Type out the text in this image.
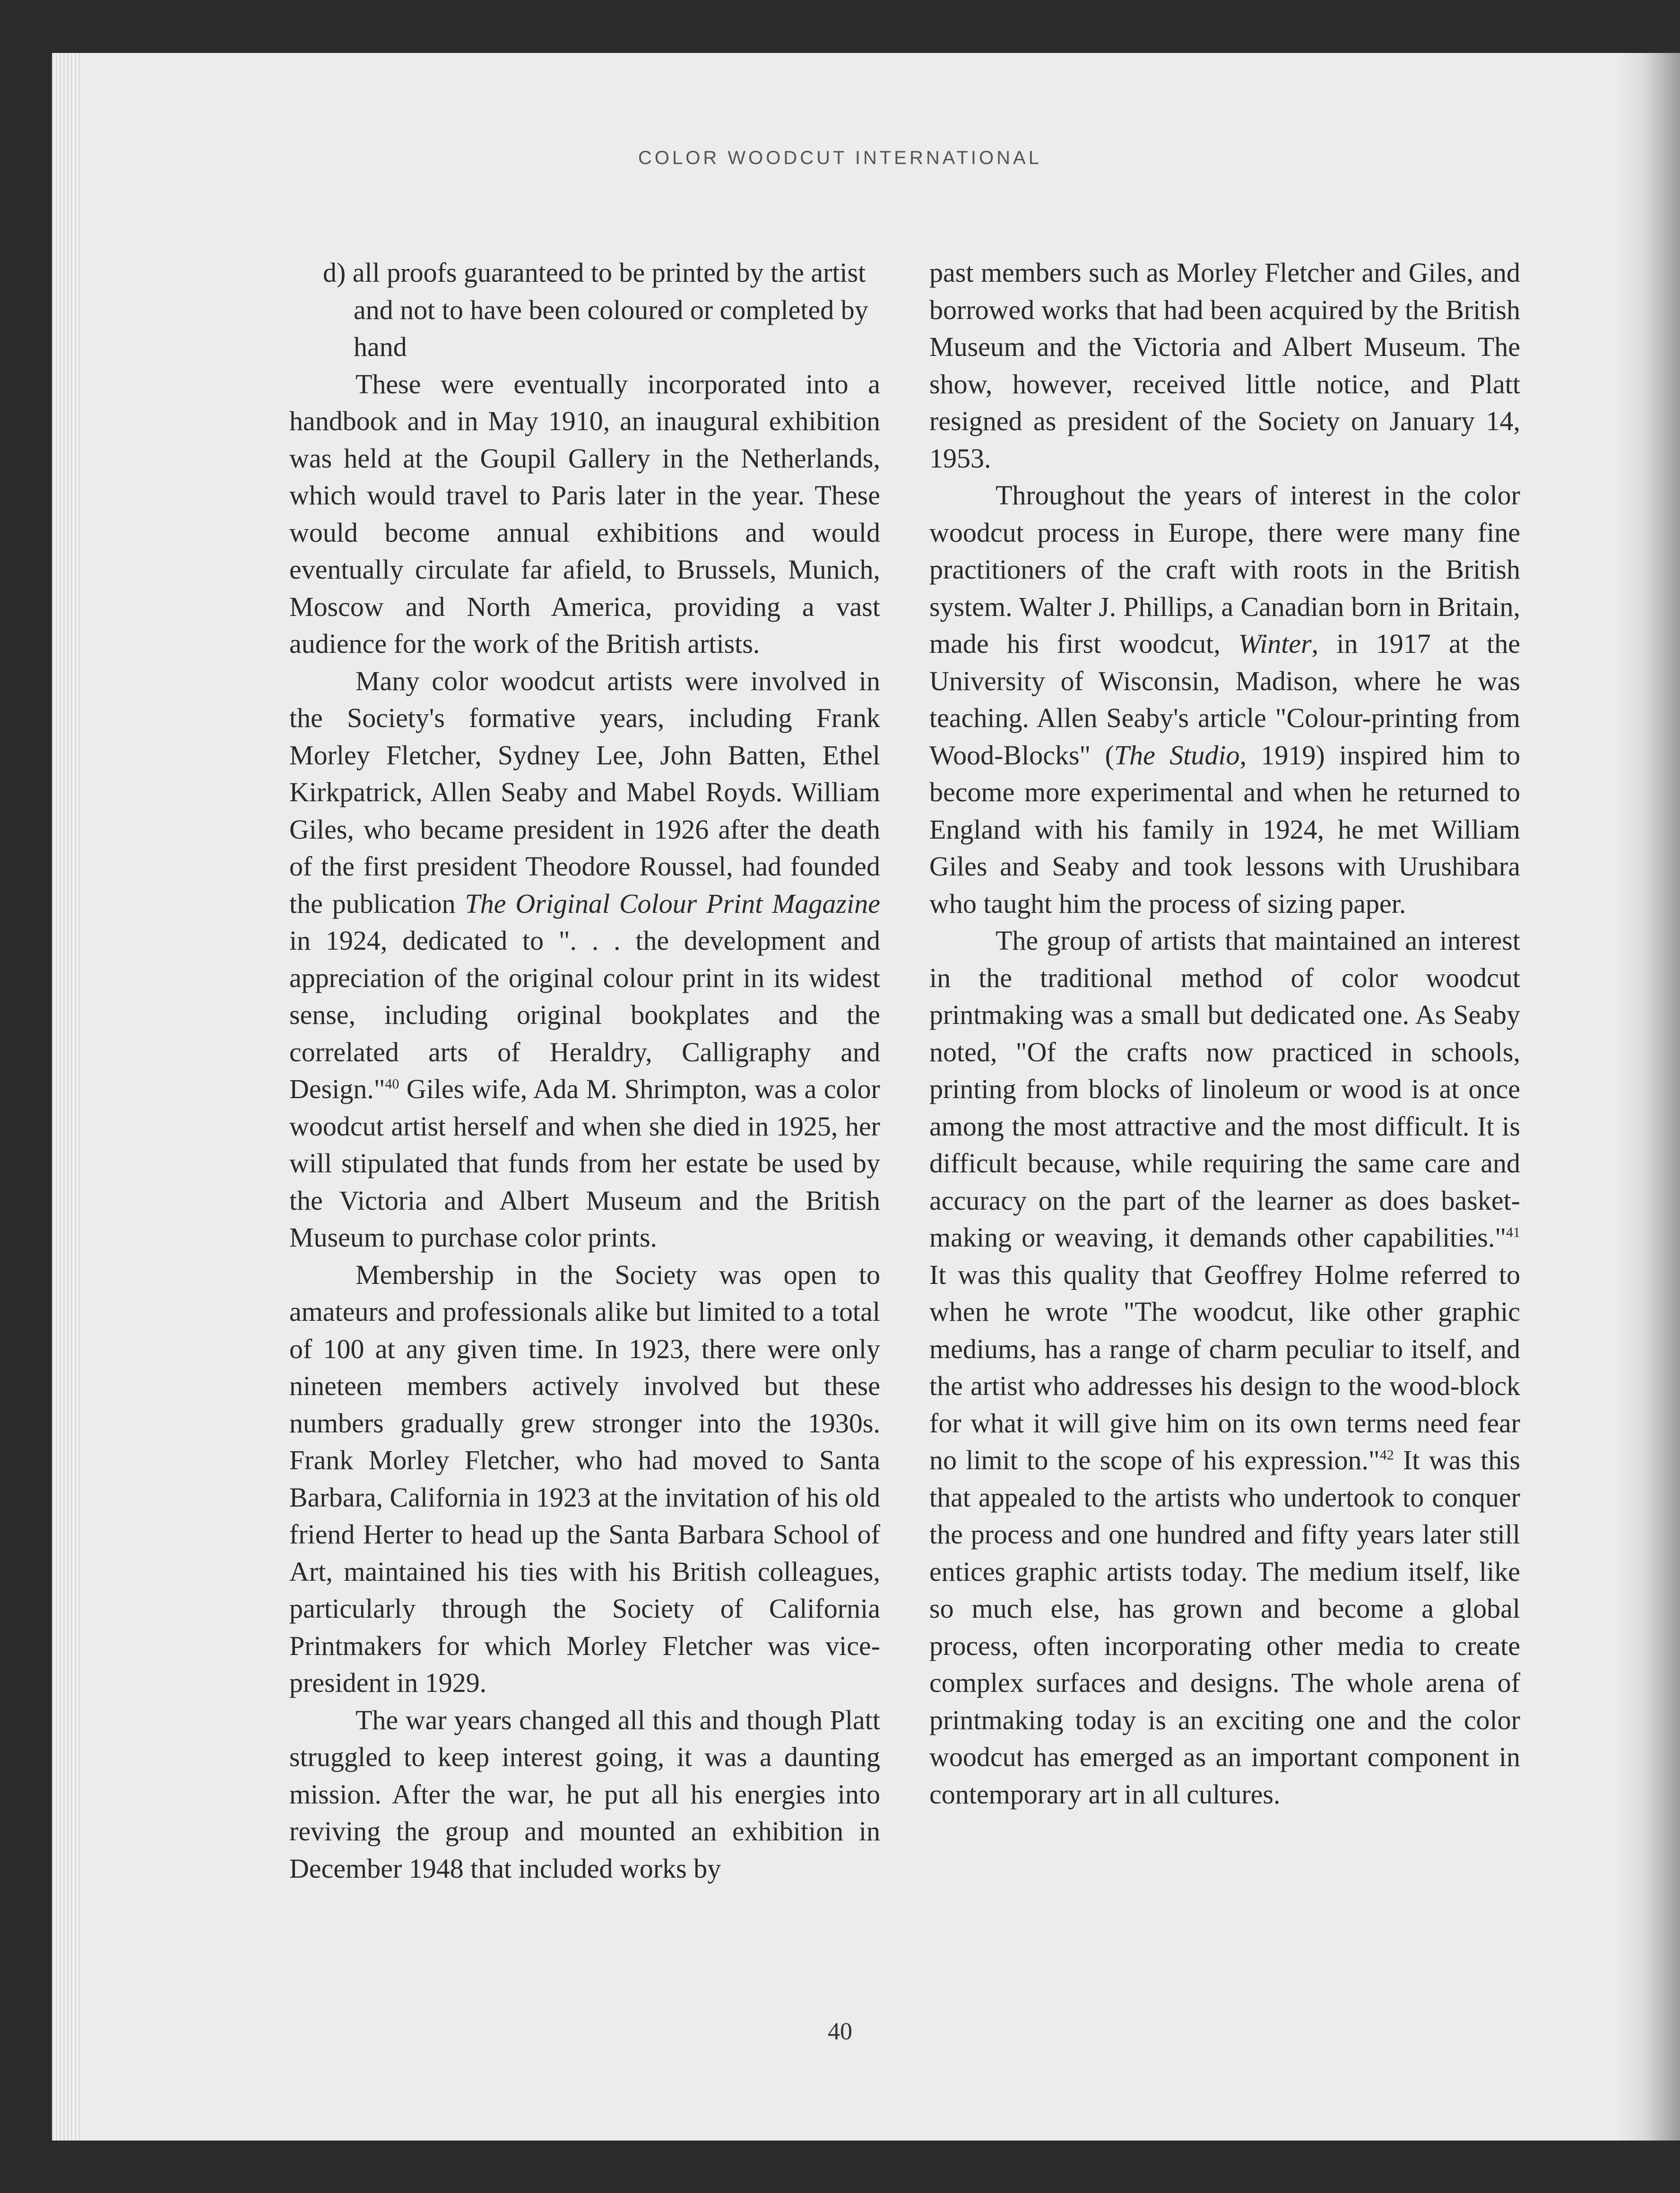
COLOR WOODCUT INTERNATIONAL

d) all proofs guaranteed to be printed by the artist and not to have been coloured or completed by hand

These were eventually incorporated into a handbook and in May 1910, an inaugural exhibition was held at the Goupil Gallery in the Netherlands, which would travel to Paris later in the year. These would become annual exhibitions and would eventually circulate far afield, to Brussels, Munich, Moscow and North America, providing a vast audience for the work of the British artists.

Many color woodcut artists were involved in the Society's formative years, including Frank Morley Fletcher, Sydney Lee, John Batten, Ethel Kirkpatrick, Allen Seaby and Mabel Royds. William Giles, who became president in 1926 after the death of the first president Theodore Roussel, had founded the publication The Original Colour Print Magazine in 1924, dedicated to ". . . the development and appreciation of the original colour print in its widest sense, including original bookplates and the correlated arts of Heraldry, Calligraphy and Design."$^{40}$ Giles wife, Ada M. Shrimpton, was a color woodcut artist herself and when she died in 1925, her will stipulated that funds from her estate be used by the Victoria and Albert Museum and the British Museum to purchase color prints.

Membership in the Society was open to amateurs and professionals alike but limited to a total of 100 at any given time. In 1923, there were only nineteen members actively involved but these numbers gradually grew stronger into the 1930s. Frank Morley Fletcher, who had moved to Santa Barbara, California in 1923 at the invitation of his old friend Herter to head up the Santa Barbara School of Art, maintained his ties with his British colleagues, particularly through the Society of California Printmakers for which Morley Fletcher was vice-president in 1929.

The war years changed all this and though Platt struggled to keep interest going, it was a daunting mission. After the war, he put all his energies into reviving the group and mounted an exhibition in December 1948 that included works by

past members such as Morley Fletcher and Giles, and borrowed works that had been acquired by the British Museum and the Victoria and Albert Museum. The show, however, received little notice, and Platt resigned as president of the Society on January 14, 1953.

Throughout the years of interest in the color woodcut process in Europe, there were many fine practitioners of the craft with roots in the British system. Walter J. Phillips, a Canadian born in Britain, made his first woodcut, Winter, in 1917 at the University of Wisconsin, Madison, where he was teaching. Allen Seaby's article "Colour-printing from Wood-Blocks" (The Studio, 1919) inspired him to become more experimental and when he returned to England with his family in 1924, he met William Giles and Seaby and took lessons with Urushibara who taught him the process of sizing paper.

The group of artists that maintained an interest in the traditional method of color woodcut printmaking was a small but dedicated one. As Seaby noted, "Of the crafts now practiced in schools, printing from blocks of linoleum or wood is at once among the most attractive and the most difficult. It is difficult because, while requiring the same care and accuracy on the part of the learner as does basket-making or weaving, it demands other capabilities."$^{41}$ It was this quality that Geoffrey Holme referred to when he wrote "The woodcut, like other graphic mediums, has a range of charm peculiar to itself, and the artist who addresses his design to the wood-block for what it will give him on its own terms need fear no limit to the scope of his expression."$^{42}$ It was this that appealed to the artists who undertook to conquer the process and one hundred and fifty years later still entices graphic artists today. The medium itself, like so much else, has grown and become a global process, often incorporating other media to create complex surfaces and designs. The whole arena of printmaking today is an exciting one and the color woodcut has emerged as an important component in contemporary art in all cultures.

40
